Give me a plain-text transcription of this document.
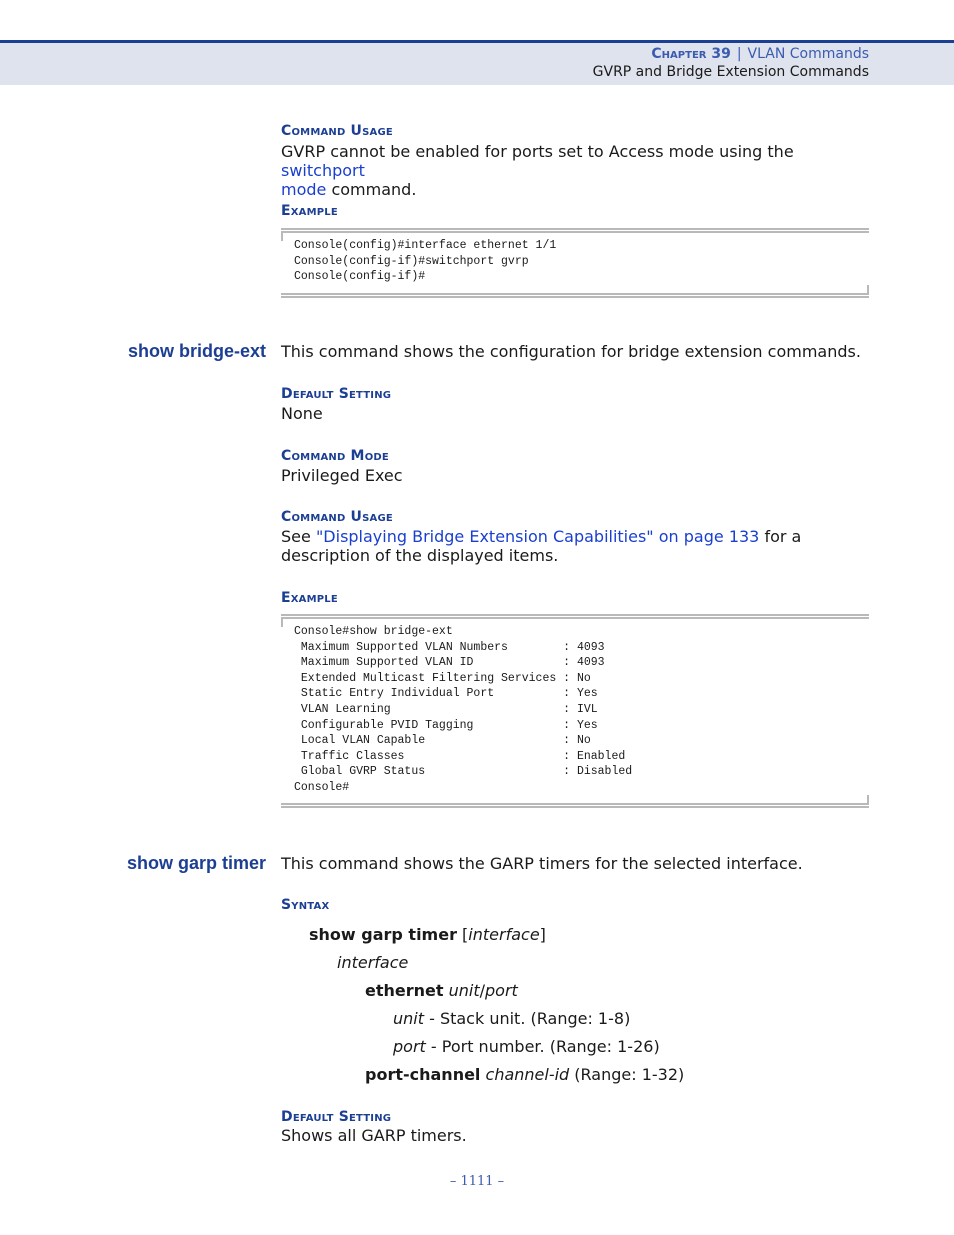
Chapter 39 | VLAN Commands
GVRP and Bridge Extension Commands
Command Usage
GVRP cannot be enabled for ports set to Access mode using the switchport
mode command.
Example
Console(config)#interface ethernet 1/1
Console(config-if)#switchport gvrp
Console(config-if)#
show bridge-ext This command shows the configuration for bridge extension commands.
Default Setting
None
Command Mode
Privileged Exec
Command Usage
See "Displaying Bridge Extension Capabilities" on page 133 for a
description of the displayed items.
Example
Console#show bridge-ext
Maximum Supported VLAN Numbers        : 4093
Maximum Supported VLAN ID             : 4093
Extended Multicast Filtering Services : No
Static Entry Individual Port          : Yes
VLAN Learning                         : IVL
Configurable PVID Tagging             : Yes
Local VLAN Capable                    : No
Traffic Classes                       : Enabled
Global GVRP Status                    : Disabled
Console#
show garp timer This command shows the GARP timers for the selected interface.
Syntax
show garp timer [interface]
interface
ethernet unit/port
unit - Stack unit. (Range: 1-8)
port - Port number. (Range: 1-26)
port-channel channel-id (Range: 1-32)
Default Setting
Shows all GARP timers.
– 1111 –
